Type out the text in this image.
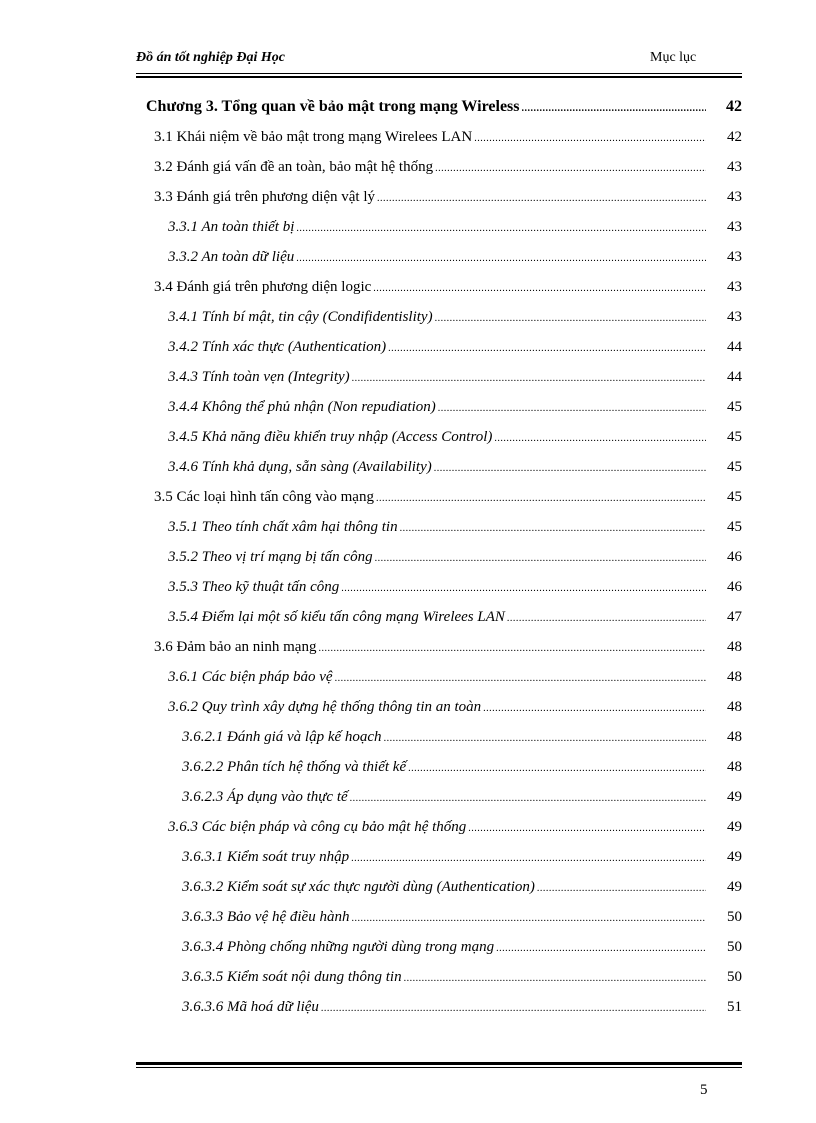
Đồ án tốt nghiệp Đại Học	Mục lục
Chương 3. Tổng quan về bảo mật trong mạng Wireless .....	42
3.1 Khái niệm về bảo mật trong mạng Wirelees LAN .....	42
3.2 Đánh giá vấn đề an toàn, bảo mật hệ thống .....	43
3.3 Đánh giá trên phương diện vật lý .....	43
3.3.1 An toàn thiết bị .....	43
3.3.2 An toàn dữ liệu .....	43
3.4 Đánh giá trên phương diện logic .....	43
3.4.1 Tính bí mật, tin cậy (Condifidentislity) .....	43
3.4.2 Tính xác thực (Authentication) .....	44
3.4.3 Tính toàn vẹn (Integrity) .....	44
3.4.4 Không thể phủ nhận (Non repudiation) .....	45
3.4.5 Khả năng điều khiển truy nhập (Access Control) .....	45
3.4.6 Tính khả dụng, sẵn sàng (Availability) .....	45
3.5 Các loại hình tấn công vào mạng .....	45
3.5.1 Theo tính chất xâm hại thông tin .....	45
3.5.2 Theo vị trí mạng bị tấn công .....	46
3.5.3 Theo kỹ thuật tấn công .....	46
3.5.4 Điểm lại một số kiểu tấn công mạng Wirelees LAN .....	47
3.6 Đảm bảo an ninh mạng .....	48
3.6.1 Các biện pháp bảo vệ .....	48
3.6.2 Quy trình xây dựng hệ thống thông tin an toàn .....	48
3.6.2.1 Đánh giá và lập kế hoạch .....	48
3.6.2.2 Phân tích hệ thống và thiết kế .....	48
3.6.2.3 Áp dụng vào thực tế .....	49
3.6.3 Các biện pháp và công cụ bảo mật hệ thống .....	49
3.6.3.1 Kiểm soát truy nhập .....	49
3.6.3.2 Kiểm soát sự xác thực người dùng (Authentication) .....	49
3.6.3.3 Bảo vệ hệ điều hành .....	50
3.6.3.4 Phòng chống những người dùng trong mạng .....	50
3.6.3.5 Kiểm soát nội dung thông tin .....	50
3.6.3.6 Mã hoá dữ liệu .....	51
5
